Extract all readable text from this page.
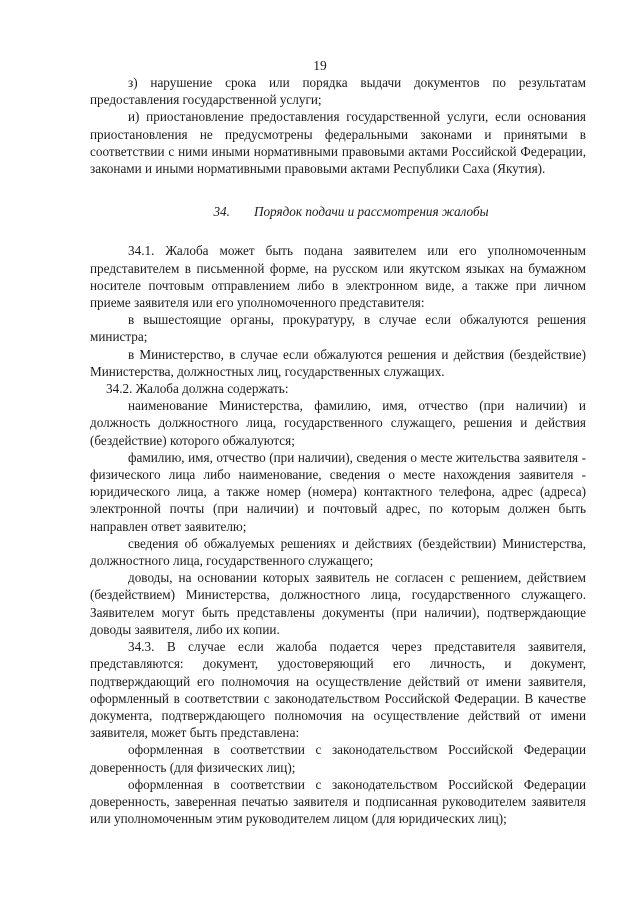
19

з) нарушение срока или порядка выдачи документов по результатам предоставления государственной услуги;

и) приостановление предоставления государственной услуги, если основания приостановления не предусмотрены федеральными законами и принятыми в соответствии с ними иными нормативными правовыми актами Российской Федерации, законами и иными нормативными правовыми актами Республики Саха (Якутия).

34. Порядок подачи и рассмотрения жалобы

34.1. Жалоба может быть подана заявителем или его уполномоченным представителем в письменной форме, на русском или якутском языках на бумажном носителе почтовым отправлением либо в электронном виде, а также при личном приеме заявителя или его уполномоченного представителя:

в вышестоящие органы, прокуратуру, в случае если обжалуются решения министра;

в Министерство, в случае если обжалуются решения и действия (бездействие) Министерства, должностных лиц, государственных служащих.

34.2. Жалоба должна содержать:

наименование Министерства, фамилию, имя, отчество (при наличии) и должность должностного лица, государственного служащего, решения и действия (бездействие) которого обжалуются;

фамилию, имя, отчество (при наличии), сведения о месте жительства заявителя - физического лица либо наименование, сведения о месте нахождения заявителя - юридического лица, а также номер (номера) контактного телефона, адрес (адреса) электронной почты (при наличии) и почтовый адрес, по которым должен быть направлен ответ заявителю;

сведения об обжалуемых решениях и действиях (бездействии) Министерства, должностного лица, государственного служащего;

доводы, на основании которых заявитель не согласен с решением, действием (бездействием) Министерства, должностного лица, государственного служащего. Заявителем могут быть представлены документы (при наличии), подтверждающие доводы заявителя, либо их копии.

34.3. В случае если жалоба подается через представителя заявителя, представляются: документ, удостоверяющий его личность, и документ, подтверждающий его полномочия на осуществление действий от имени заявителя, оформленный в соответствии с законодательством Российской Федерации. В качестве документа, подтверждающего полномочия на осуществление действий от имени заявителя, может быть представлена:

оформленная в соответствии с законодательством Российской Федерации доверенность (для физических лиц);

оформленная в соответствии с законодательством Российской Федерации доверенность, заверенная печатью заявителя и подписанная руководителем заявителя или уполномоченным этим руководителем лицом (для юридических лиц);
